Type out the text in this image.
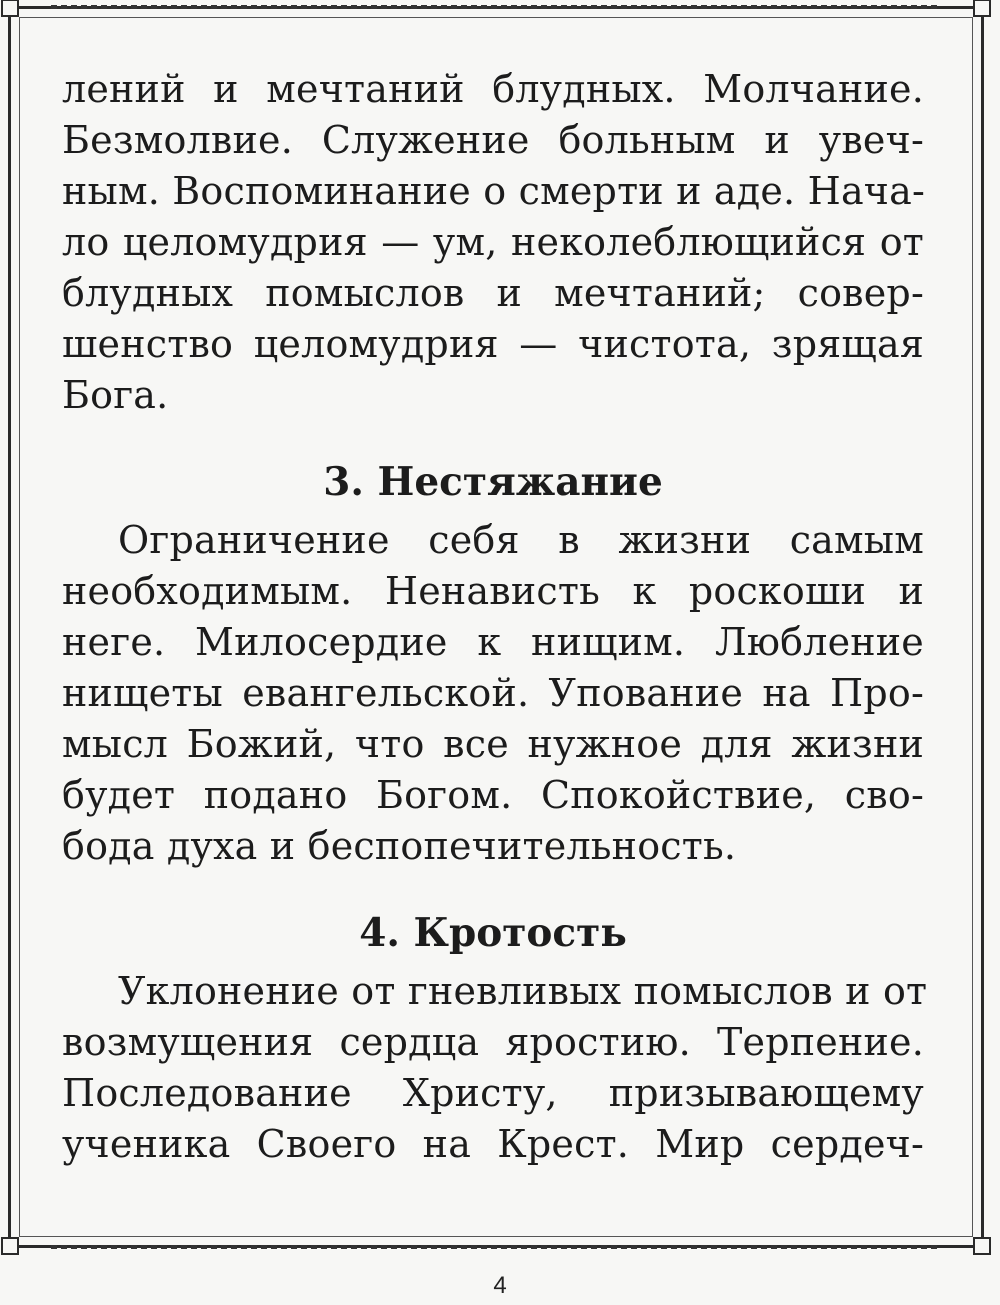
лений и мечтаний блудных. Молчание.
Безмолвие. Служение больным и увеч-
ным. Воспоминание о смерти и аде. Нача-
ло целомудрия — ум, неколеблющийся от
блудных помыслов и мечтаний; совер-
шенство целомудрия — чистота, зрящая
Бога.
3. Нестяжание
Ограничение себя в жизни самым
необходимым. Ненависть к роскоши и
неге. Милосердие к нищим. Любление
нищеты евангельской. Упование на Про-
мысл Божий, что все нужное для жизни
будет подано Богом. Спокойствие, сво-
бода духа и беспопечительность.
4. Кротость
Уклонение от гневливых помыслов и от
возмущения сердца яростию. Терпение.
Последование Христу, призывающему
ученика Своего на Крест. Мир сердеч-
4
